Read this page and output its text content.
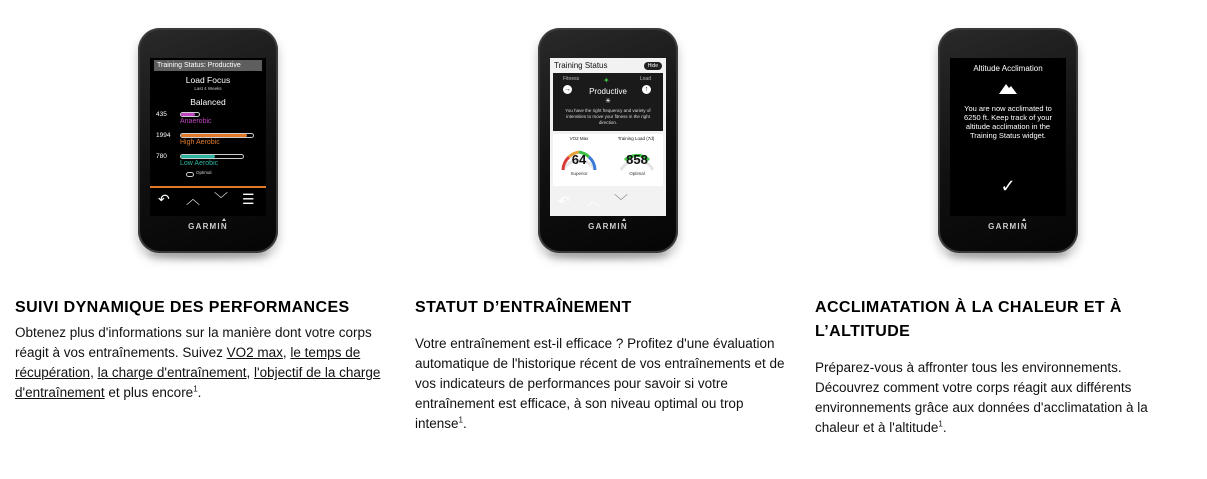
Training Status: Productive
Load Focus
Last 4 Weeks
Balanced
435
Anaerobic
1994
High Aerobic
780
Low Aerobic
Optimal
↶ ︿ ﹀ ☰
GARMIN
SUIVI DYNAMIQUE DES PERFORMANCES
Obtenez plus d'informations sur la manière dont votre corps réagit à vos entraînements. Suivez VO2 max, le temps de récupération, la charge d'entraînement, l'objectif de la charge d'entraînement et plus encore$^1$.
Training Status	Hide
Fitness	Load
→	↑
✦
Productive
☀
You have the right frequency and variety of intensities to move your fitness in the right direction.
VO2 Max
64
Superior
Training Load (7d)
858
Optimal
↶ ︿ ﹀
GARMIN
STATUT D’ENTRAÎNEMENT
Votre entraînement est-il efficace ? Profitez d'une évaluation automatique de l'historique récent de vos entraînements et de vos indicateurs de performances pour savoir si votre entraînement est efficace, à son niveau optimal ou trop intense$^1$.
Altitude Acclimation
You are now acclimated to 6250 ft. Keep track of your altitude acclimation in the Training Status widget.
✓
GARMIN
ACCLIMATATION À LA CHALEUR ET À L’ALTITUDE
Préparez-vous à affronter tous les environnements. Découvrez comment votre corps réagit aux différents environnements grâce aux données d'acclimatation à la chaleur et à l'altitude$^1$.
